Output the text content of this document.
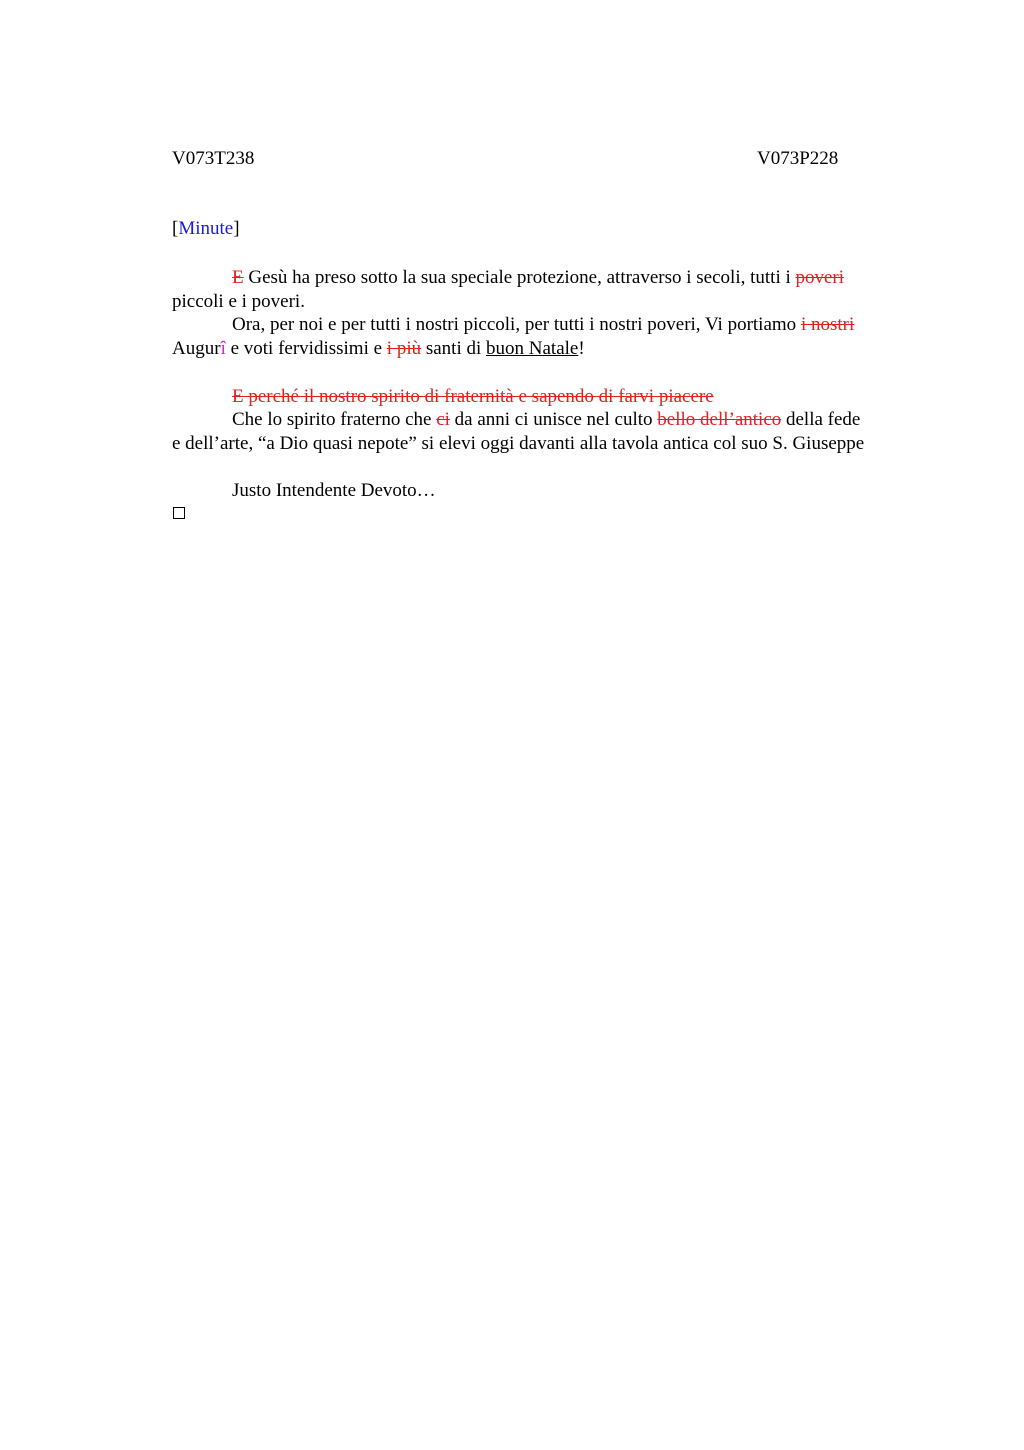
V073T238	V073P228
[Minute]
E Gesù ha preso sotto la sua speciale protezione, attraverso i secoli, tutti i poveri
piccoli e i poveri.
Ora, per noi e per tutti i nostri piccoli, per tutti i nostri poveri, Vi portiamo i nostri
Augurî e voti fervidissimi e i più santi di buon Natale!
E perché il nostro spirito di fraternità e sapendo di farvi piacere
Che lo spirito fraterno che ci da anni ci unisce nel culto bello dell’antico della fede
e dell’arte, “a Dio quasi nepote” si elevi oggi davanti alla tavola antica col suo S. Giuseppe
Justo Intendente Devoto…
